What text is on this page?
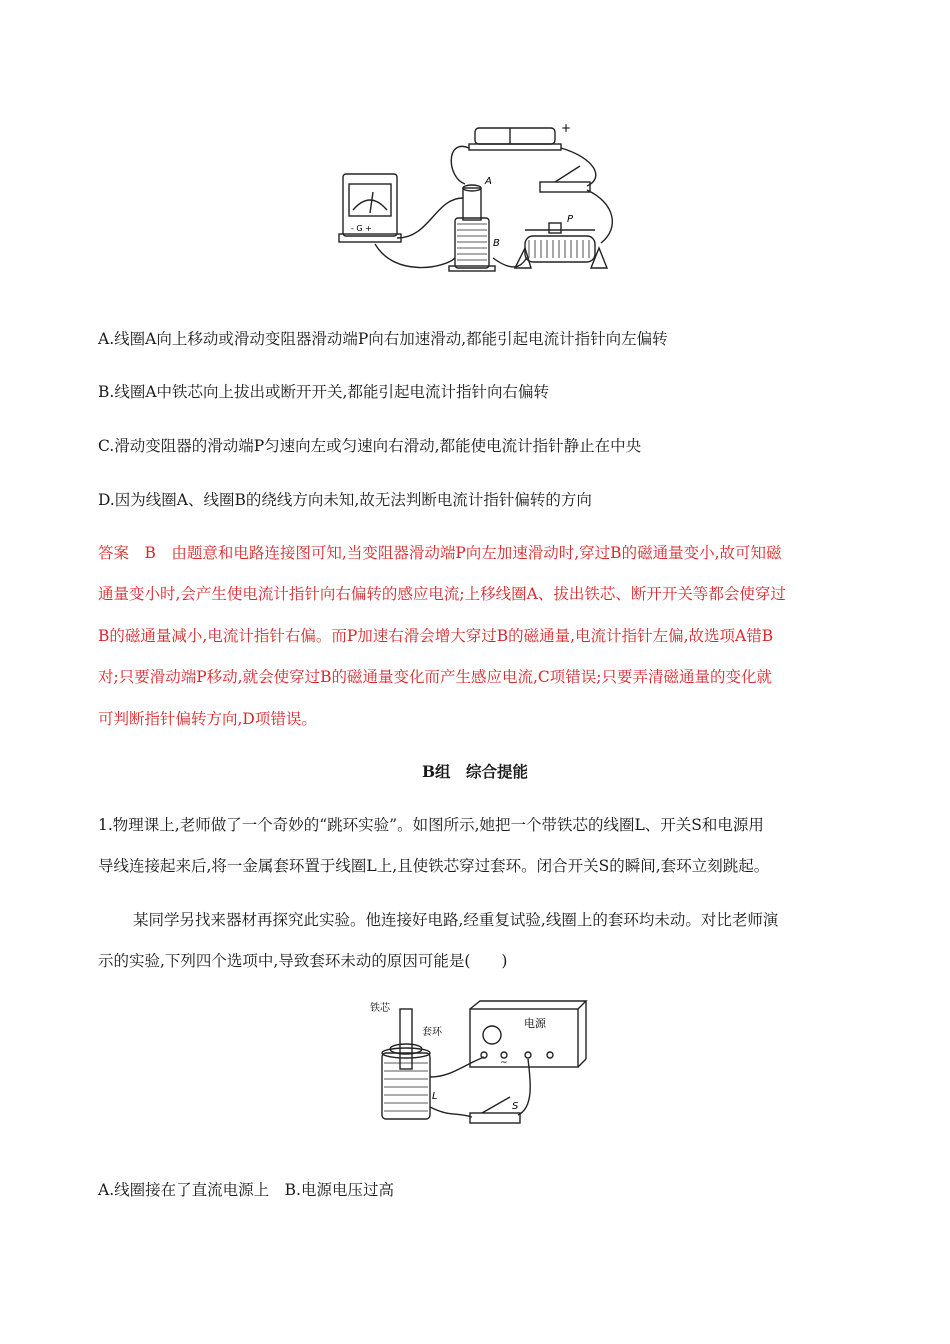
+
A
B
P
- G +
A.线圈A向上移动或滑动变阻器滑动端P向右加速滑动,都能引起电流计指针向左偏转
B.线圈A中铁芯向上拔出或断开开关,都能引起电流计指针向右偏转
C.滑动变阻器的滑动端P匀速向左或匀速向右滑动,都能使电流计指针静止在中央
D.因为线圈A、线圈B的绕线方向未知,故无法判断电流计指针偏转的方向
答案　B　由题意和电路连接图可知,当变阻器滑动端P向左加速滑动时,穿过B的磁通量变小,故可知磁
通量变小时,会产生使电流计指针向右偏转的感应电流;上移线圈A、拔出铁芯、断开开关等都会使穿过
B的磁通量减小,电流计指针右偏。而P加速右滑会增大穿过B的磁通量,电流计指针左偏,故选项A错B
对;只要滑动端P移动,就会使穿过B的磁通量变化而产生感应电流,C项错误;只要弄清磁通量的变化就
可判断指针偏转方向,D项错误。
B组　综合提能
1.物理课上,老师做了一个奇妙的“跳环实验”。如图所示,她把一个带铁芯的线圈L、开关S和电源用
导线连接起来后,将一金属套环置于线圈L上,且使铁芯穿过套环。闭合开关S的瞬间,套环立刻跳起。
某同学另找来器材再探究此实验。他连接好电路,经重复试验,线圈上的套环均未动。对比老师演
示的实验,下列四个选项中,导致套环未动的原因可能是(　　)
铁芯
套环
电源
L
S
~
A.线圈接在了直流电源上　B.电源电压过高
